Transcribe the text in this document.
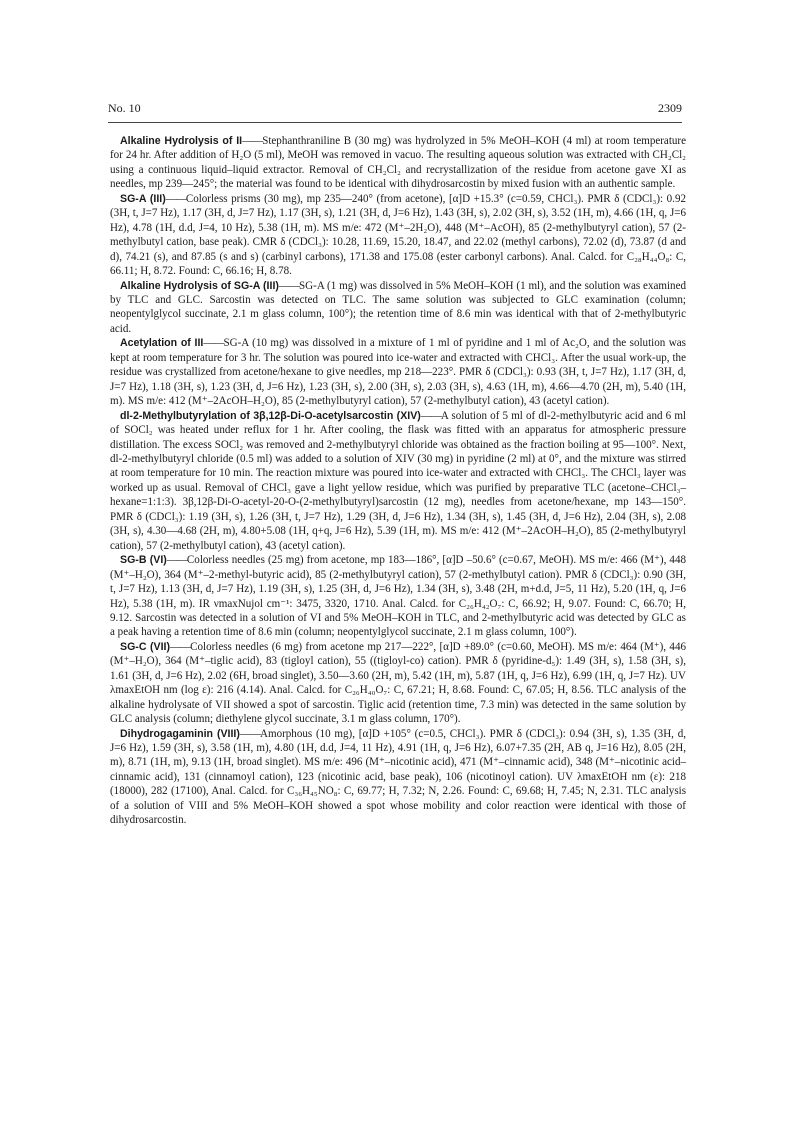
No. 10	2309

Alkaline Hydrolysis of II——Stephanthraniline B (30 mg) was hydrolyzed in 5% MeOH–KOH (4 ml) at room temperature for 24 hr. After addition of H₂O (5 ml), MeOH was removed in vacuo. The resulting aqueous solution was extracted with CH₂Cl₂ using a continuous liquid–liquid extractor. Removal of CH₂Cl₂ and recrystallization of the residue from acetone gave XI as needles, mp 239—245°; the material was found to be identical with dihydrosarcostin by mixed fusion with an authentic sample.

SG-A (III)——Colorless prisms (30 mg), mp 235—240° (from acetone), [α]D +15.3° (c=0.59, CHCl₃). PMR δ (CDCl₃): 0.92 (3H, t, J=7 Hz), 1.17 (3H, d, J=7 Hz), 1.17 (3H, s), 1.21 (3H, d, J=6 Hz), 1.43 (3H, s), 2.02 (3H, s), 3.52 (1H, m), 4.66 (1H, q, J=6 Hz), 4.78 (1H, d.d, J=4, 10 Hz), 5.38 (1H, m). MS m/e: 472 (M⁺–2H₂O), 448 (M⁺–AcOH), 85 (2-methylbutyryl cation), 57 (2-methylbutyl cation, base peak). CMR δ (CDCl₃): 10.28, 11.69, 15.20, 18.47, and 22.02 (methyl carbons), 72.02 (d), 73.87 (d and d), 74.21 (s), and 87.85 (s and s) (carbinyl carbons), 171.38 and 175.08 (ester carbonyl carbons). Anal. Calcd. for C₂₈H₄₄O₈: C, 66.11; H, 8.72. Found: C, 66.16; H, 8.78.

Alkaline Hydrolysis of SG-A (III)——SG-A (1 mg) was dissolved in 5% MeOH–KOH (1 ml), and the solution was examined by TLC and GLC. Sarcostin was detected on TLC. The same solution was subjected to GLC examination (column; neopentylglycol succinate, 2.1 m glass column, 100°); the retention time of 8.6 min was identical with that of 2-methylbutyric acid.

Acetylation of III——SG-A (10 mg) was dissolved in a mixture of 1 ml of pyridine and 1 ml of Ac₂O, and the solution was kept at room temperature for 3 hr. The solution was poured into ice-water and extracted with CHCl₃. After the usual work-up, the residue was crystallized from acetone/hexane to give needles, mp 218—223°. PMR δ (CDCl₃): 0.93 (3H, t, J=7 Hz), 1.17 (3H, d, J=7 Hz), 1.18 (3H, s), 1.23 (3H, d, J=6 Hz), 1.23 (3H, s), 2.00 (3H, s), 2.03 (3H, s), 4.63 (1H, m), 4.66—4.70 (2H, m), 5.40 (1H, m). MS m/e: 412 (M⁺–2AcOH–H₂O), 85 (2-methylbutyryl cation), 57 (2-methylbutyl cation), 43 (acetyl cation).

dl-2-Methylbutyrylation of 3β,12β-Di-O-acetylsarcostin (XIV)——A solution of 5 ml of dl-2-methylbutyric acid and 6 ml of SOCl₂ was heated under reflux for 1 hr. After cooling, the flask was fitted with an apparatus for atmospheric pressure distillation. The excess SOCl₂ was removed and 2-methylbutyryl chloride was obtained as the fraction boiling at 95—100°. Next, dl-2-methylbutyryl chloride (0.5 ml) was added to a solution of XIV (30 mg) in pyridine (2 ml) at 0°, and the mixture was stirred at room temperature for 10 min. The reaction mixture was poured into ice-water and extracted with CHCl₃. The CHCl₃ layer was worked up as usual. Removal of CHCl₃ gave a light yellow residue, which was purified by preparative TLC (acetone–CHCl₃–hexane=1:1:3). 3β,12β-Di-O-acetyl-20-O-(2-methylbutyryl)sarcostin (12 mg), needles from acetone/hexane, mp 143—150°. PMR δ (CDCl₃): 1.19 (3H, s), 1.26 (3H, t, J=7 Hz), 1.29 (3H, d, J=6 Hz), 1.34 (3H, s), 1.45 (3H, d, J=6 Hz), 2.04 (3H, s), 2.08 (3H, s), 4.30—4.68 (2H, m), 4.80+5.08 (1H, q+q, J=6 Hz), 5.39 (1H, m). MS m/e: 412 (M⁺–2AcOH–H₂O), 85 (2-methylbutyryl cation), 57 (2-methylbutyl cation), 43 (acetyl cation).

SG-B (VI)——Colorless needles (25 mg) from acetone, mp 183—186°, [α]D –50.6° (c=0.67, MeOH). MS m/e: 466 (M⁺), 448 (M⁺–H₂O), 364 (M⁺–2-methyl-butyric acid), 85 (2-methylbutyryl cation), 57 (2-methylbutyl cation). PMR δ (CDCl₃): 0.90 (3H, t, J=7 Hz), 1.13 (3H, d, J=7 Hz), 1.19 (3H, s), 1.25 (3H, d, J=6 Hz), 1.34 (3H, s), 3.48 (2H, m+d.d, J=5, 11 Hz), 5.20 (1H, q, J=6 Hz), 5.38 (1H, m). IR νmaxNujol cm⁻¹: 3475, 3320, 1710. Anal. Calcd. for C₂₆H₄₂O₇: C, 66.92; H, 9.07. Found: C, 66.70; H, 9.12. Sarcostin was detected in a solution of VI and 5% MeOH–KOH in TLC, and 2-methylbutyric acid was detected by GLC as a peak having a retention time of 8.6 min (column; neopentylglycol succinate, 2.1 m glass column, 100°).

SG-C (VII)——Colorless needles (6 mg) from acetone mp 217—222°, [α]D +89.0° (c=0.60, MeOH). MS m/e: 464 (M⁺), 446 (M⁺–H₂O), 364 (M⁺–tiglic acid), 83 (tigloyl cation), 55 ((tigloyl-co) cation). PMR δ (pyridine-d₅): 1.49 (3H, s), 1.58 (3H, s), 1.61 (3H, d, J=6 Hz), 2.02 (6H, broad singlet), 3.50—3.60 (2H, m), 5.42 (1H, m), 5.87 (1H, q, J=6 Hz), 6.99 (1H, q, J=7 Hz). UV λmaxEtOH nm (log ε): 216 (4.14). Anal. Calcd. for C₂₆H₄₀O₇: C, 67.21; H, 8.68. Found: C, 67.05; H, 8.56. TLC analysis of the alkaline hydrolysate of VII showed a spot of sarcostin. Tiglic acid (retention time, 7.3 min) was detected in the same solution by GLC analysis (column; diethylene glycol succinate, 3.1 m glass column, 170°).

Dihydrogagaminin (VIII)——Amorphous (10 mg), [α]D +105° (c=0.5, CHCl₃). PMR δ (CDCl₃): 0.94 (3H, s), 1.35 (3H, d, J=6 Hz), 1.59 (3H, s), 3.58 (1H, m), 4.80 (1H, d.d, J=4, 11 Hz), 4.91 (1H, q, J=6 Hz), 6.07+7.35 (2H, AB q, J=16 Hz), 8.05 (2H, m), 8.71 (1H, m), 9.13 (1H, broad singlet). MS m/e: 496 (M⁺–nicotinic acid), 471 (M⁺–cinnamic acid), 348 (M⁺–nicotinic acid–cinnamic acid), 131 (cinnamoyl cation), 123 (nicotinic acid, base peak), 106 (nicotinoyl cation). UV λmaxEtOH nm (ε): 218 (18000), 282 (17100), Anal. Calcd. for C₃₆H₄₅NO₈: C, 69.77; H, 7.32; N, 2.26. Found: C, 69.68; H, 7.45; N, 2.31. TLC analysis of a solution of VIII and 5% MeOH–KOH showed a spot whose mobility and color reaction were identical with those of dihydrosarcostin.
